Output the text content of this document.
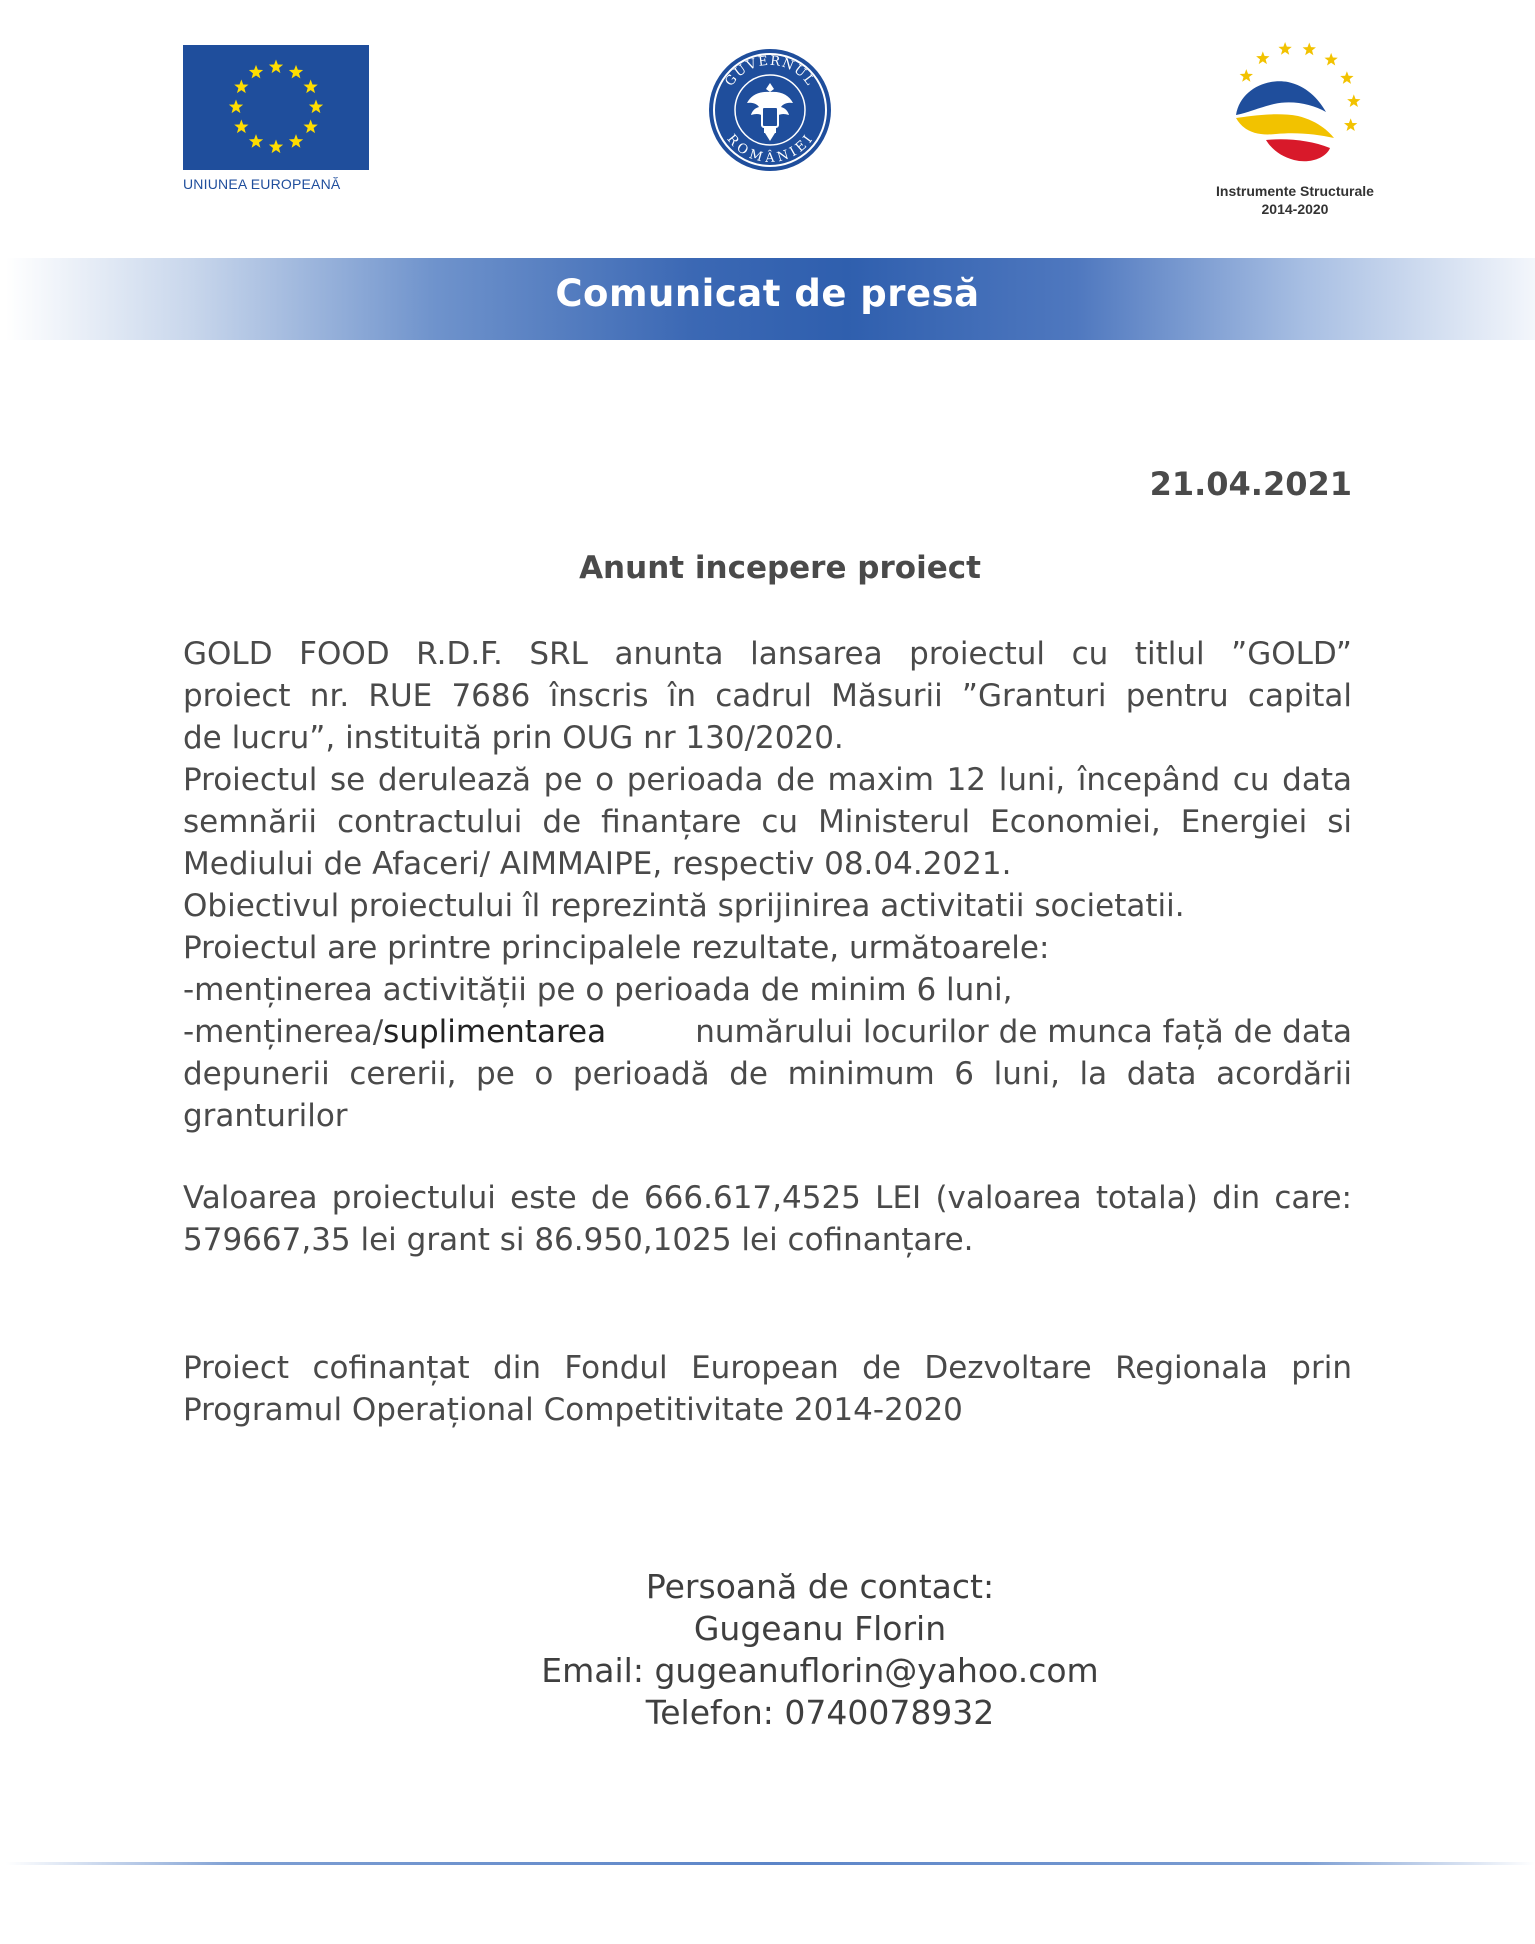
UNIUNEA EUROPEANĂ
GUVERNUL
ROMÂNIEI
Instrumente Structurale
2014-2020
Comunicat de presă
21.04.2021
Anunt incepere proiect
GOLD FOOD R.D.F. SRL anunta lansarea proiectul cu titlul ”GOLD”
proiect nr. RUE 7686 înscris în cadrul Măsurii ”Granturi pentru capital
de lucru”, instituită prin OUG nr 130/2020.
Proiectul se derulează pe o perioada de maxim 12 luni, începând cu data
semnării contractului de finanțare cu Ministerul Economiei, Energiei si
Mediului de Afaceri/ AIMMAIPE, respectiv 08.04.2021.
Obiectivul proiectului îl reprezintă sprijinirea activitatii societatii.
Proiectul are printre principalele rezultate, următoarele:
-menținerea activității pe o perioada de minim 6 luni,
-menținerea/suplimentarea	numărului locurilor de munca față de data
depunerii cererii, pe o perioadă de minimum 6 luni, la data acordării
granturilor
Valoarea proiectului este de 666.617,4525 LEI (valoarea totala) din care:
579667,35 lei grant si 86.950,1025 lei cofinanțare.
Proiect cofinanțat din Fondul European de Dezvoltare Regionala prin
Programul Operațional Competitivitate 2014-2020
Persoană de contact:
Gugeanu Florin
Email: gugeanuflorin@yahoo.com
Telefon: 0740078932
